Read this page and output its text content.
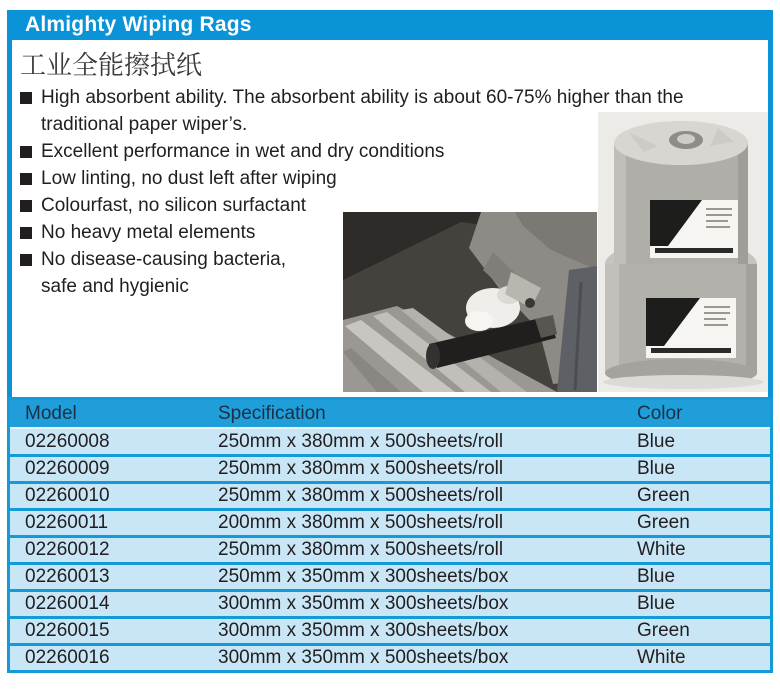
Almighty Wiping Rags
工业全能擦拭纸
High absorbent ability. The absorbent ability is about 60-75% higher than the traditional paper wiper’s.
Excellent performance in wet and dry conditions
Low linting, no dust left after wiping
Colourfast, no silicon surfactant
No heavy metal elements
No disease-causing bacteria, safe and hygienic
Model	Specification	Color
02260008	250mm x 380mm x 500sheets/roll	Blue
02260009	250mm x 380mm x 500sheets/roll	Blue
02260010	250mm x 380mm x 500sheets/roll	Green
02260011	200mm x 380mm x 500sheets/roll	Green
02260012	250mm x 380mm x 500sheets/roll	White
02260013	250mm x 350mm x 300sheets/box	Blue
02260014	300mm x 350mm x 300sheets/box	Blue
02260015	300mm x 350mm x 300sheets/box	Green
02260016	300mm x 350mm x 500sheets/box	White
